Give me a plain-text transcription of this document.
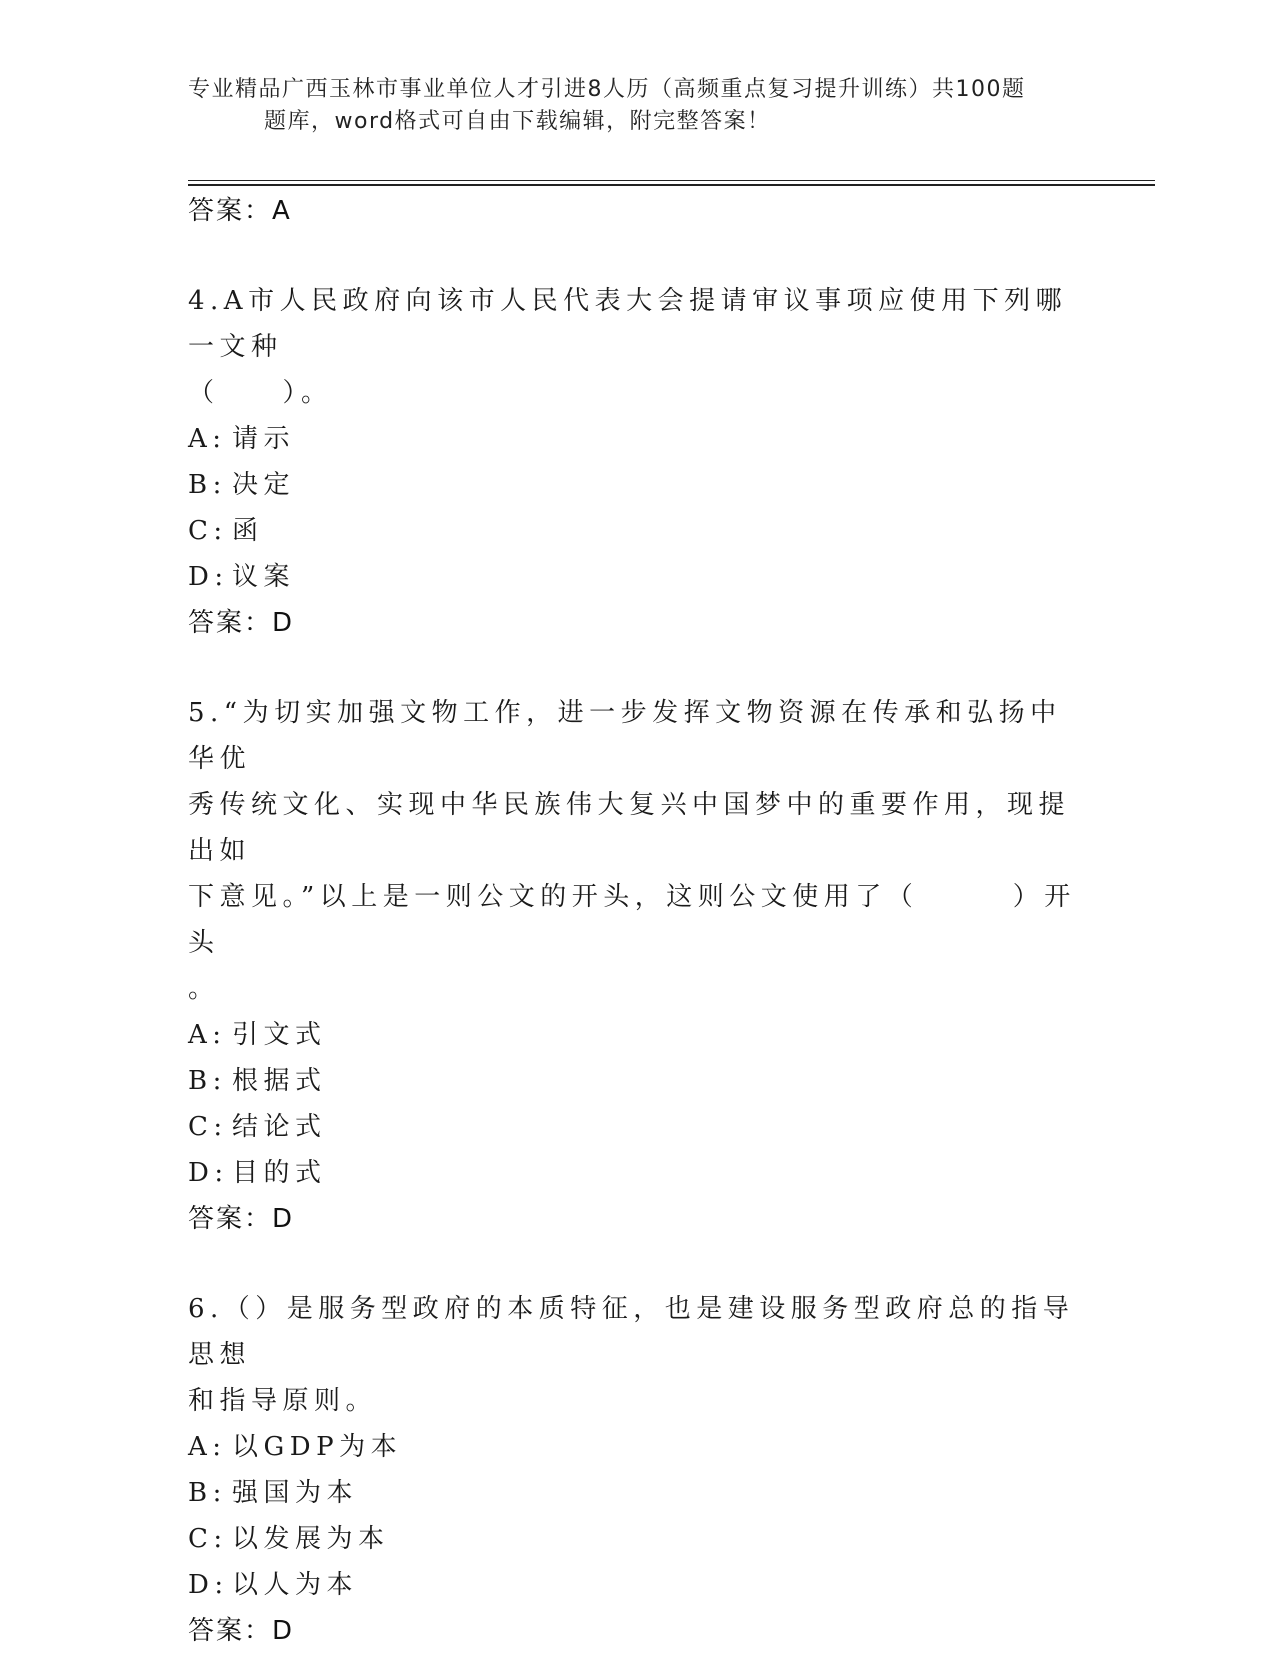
专业精品广西玉林市事业单位人才引进8人历（高频重点复习提升训练）共100题
题库，word格式可自由下载编辑，附完整答案！
答案：A
4.A市人民政府向该市人民代表大会提请审议事项应使用下列哪一文种
（　　）。
A: 请示
B: 决定
C: 函
D: 议案
答案：D
5.“为切实加强文物工作，进一步发挥文物资源在传承和弘扬中华优
秀传统文化、实现中华民族伟大复兴中国梦中的重要作用，现提出如
下意见。”以上是一则公文的开头，这则公文使用了（　　　）开头
。
A: 引文式
B: 根据式
C: 结论式
D: 目的式
答案：D
6.（）是服务型政府的本质特征，也是建设服务型政府总的指导思想
和指导原则。
A: 以GDP为本
B: 强国为本
C: 以发展为本
D: 以人为本
答案：D
